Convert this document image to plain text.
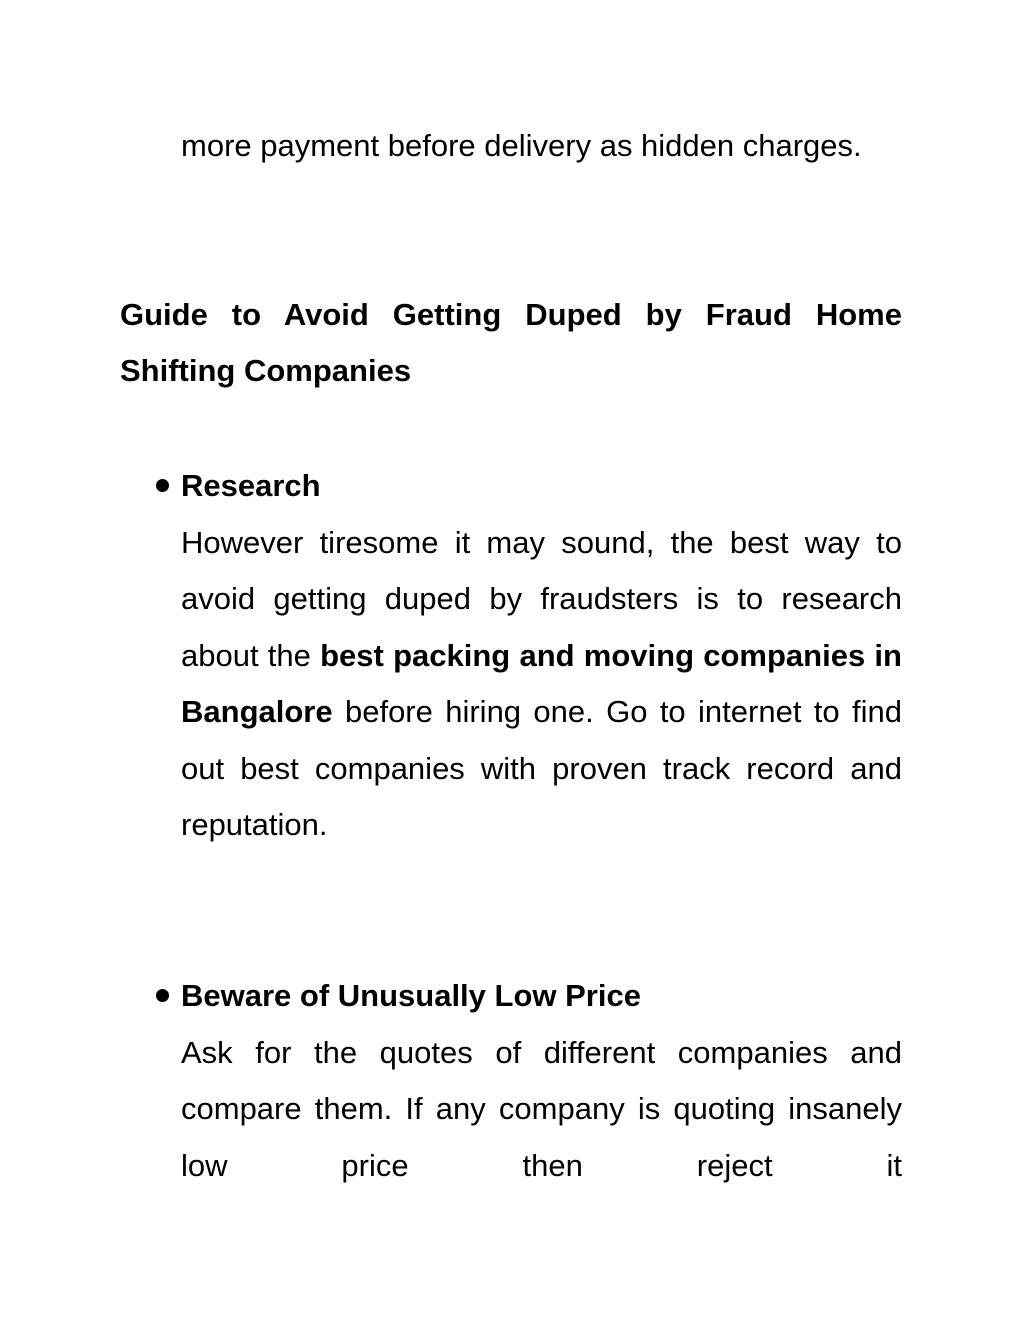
more payment before delivery as hidden charges.

Guide to Avoid Getting Duped by Fraud Home Shifting Companies

Research

However tiresome it may sound, the best way to avoid getting duped by fraudsters is to research about the best packing and moving companies in Bangalore before hiring one. Go to internet to find out best companies with proven track record and reputation.

Beware of Unusually Low Price

Ask for the quotes of different companies and compare them. If any company is quoting insanely low price then reject it
